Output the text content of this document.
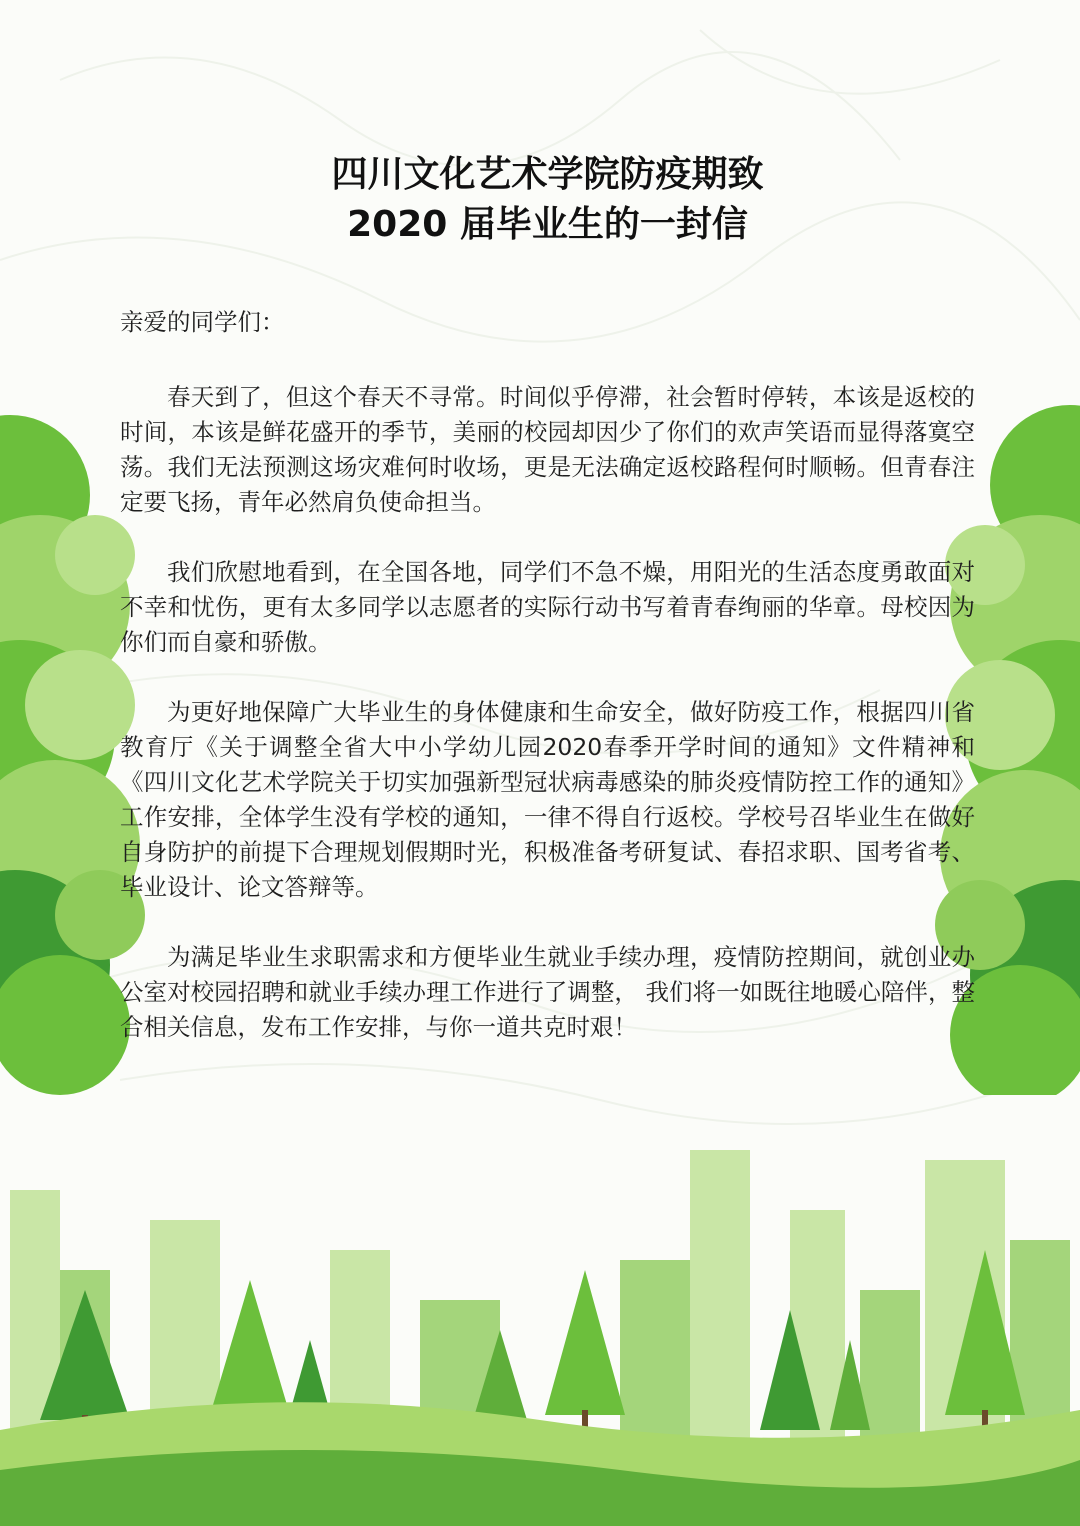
四川文化艺术学院防疫期致
2020 届毕业生的一封信

亲爱的同学们：

春天到了，但这个春天不寻常。时间似乎停滞，社会暂时停转，本该是返校的时间，本该是鲜花盛开的季节，美丽的校园却因少了你们的欢声笑语而显得落寞空荡。我们无法预测这场灾难何时收场，更是无法确定返校路程何时顺畅。但青春注定要飞扬，青年必然肩负使命担当。

我们欣慰地看到，在全国各地，同学们不急不燥，用阳光的生活态度勇敢面对不幸和忧伤，更有太多同学以志愿者的实际行动书写着青春绚丽的华章。母校因为你们而自豪和骄傲。

为更好地保障广大毕业生的身体健康和生命安全，做好防疫工作，根据四川省教育厅《关于调整全省大中小学幼儿园2020春季开学时间的通知》文件精神和《四川文化艺术学院关于切实加强新型冠状病毒感染的肺炎疫情防控工作的通知》工作安排，全体学生没有学校的通知，一律不得自行返校。学校号召毕业生在做好自身防护的前提下合理规划假期时光，积极准备考研复试、春招求职、国考省考、毕业设计、论文答辩等。

为满足毕业生求职需求和方便毕业生就业手续办理，疫情防控期间，就创业办公室对校园招聘和就业手续办理工作进行了调整， 我们将一如既往地暖心陪伴，整合相关信息，发布工作安排，与你一道共克时艰！
